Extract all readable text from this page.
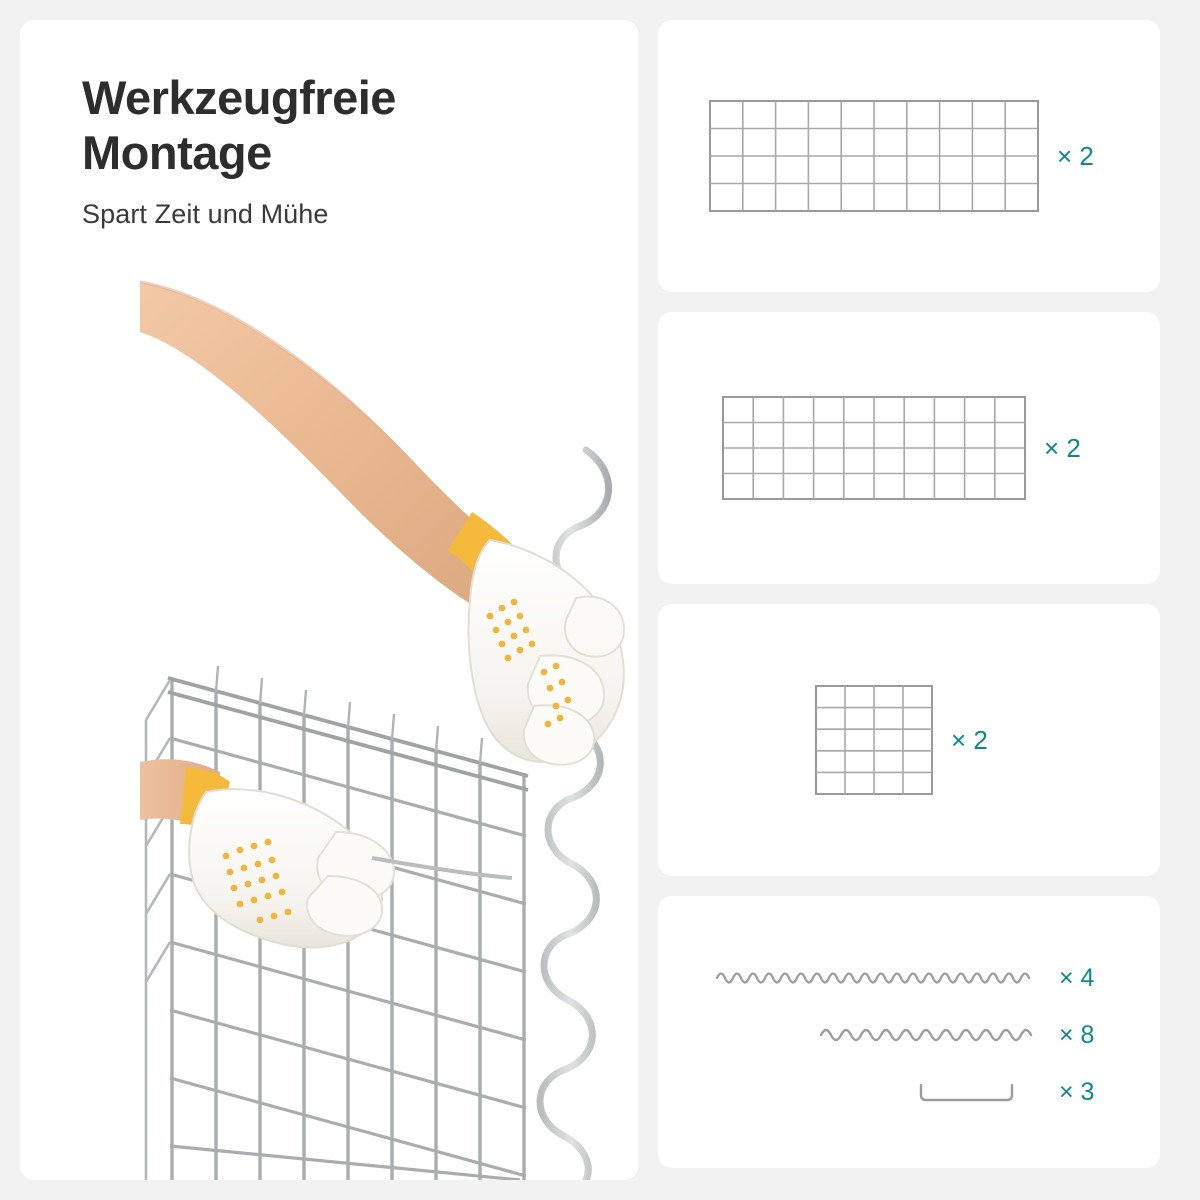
Werkzeugfreie
Montage
Spart Zeit und Mühe
× 2
× 2
× 2
× 4
× 8
× 3
